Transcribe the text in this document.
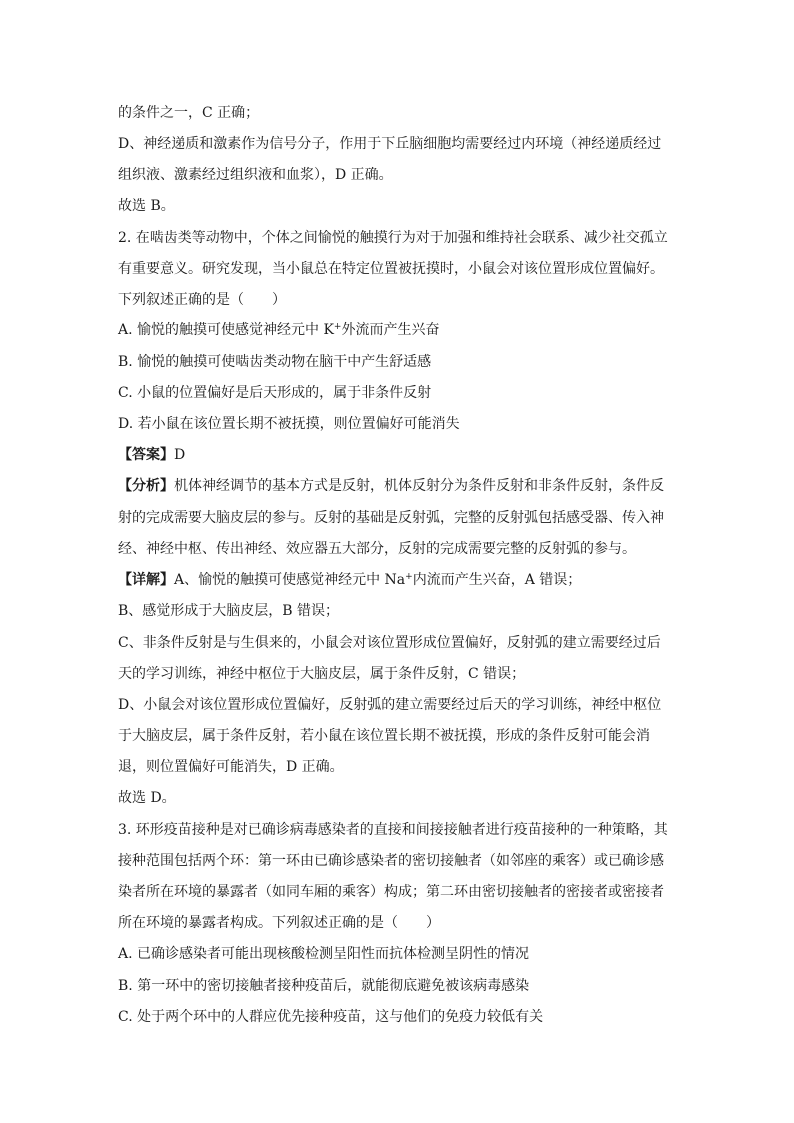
的条件之一，C 正确；
D、神经递质和激素作为信号分子，作用于下丘脑细胞均需要经过内环境（神经递质经过
组织液、激素经过组织液和血浆），D 正确。
故选 B。
2. 在啮齿类等动物中，个体之间愉悦的触摸行为对于加强和维持社会联系、减少社交孤立
有重要意义。研究发现，当小鼠总在特定位置被抚摸时，小鼠会对该位置形成位置偏好。
下列叙述正确的是（　　）
A. 愉悦的触摸可使感觉神经元中 K+外流而产生兴奋
B. 愉悦的触摸可使啮齿类动物在脑干中产生舒适感
C. 小鼠的位置偏好是后天形成的，属于非条件反射
D. 若小鼠在该位置长期不被抚摸，则位置偏好可能消失
【答案】D
【分析】机体神经调节的基本方式是反射，机体反射分为条件反射和非条件反射，条件反
射的完成需要大脑皮层的参与。反射的基础是反射弧，完整的反射弧包括感受器、传入神
经、神经中枢、传出神经、效应器五大部分，反射的完成需要完整的反射弧的参与。
【详解】A、愉悦的触摸可使感觉神经元中 Na+内流而产生兴奋，A 错误；
B、感觉形成于大脑皮层，B 错误；
C、非条件反射是与生俱来的，小鼠会对该位置形成位置偏好，反射弧的建立需要经过后
天的学习训练，神经中枢位于大脑皮层，属于条件反射，C 错误；
D、小鼠会对该位置形成位置偏好，反射弧的建立需要经过后天的学习训练，神经中枢位
于大脑皮层，属于条件反射，若小鼠在该位置长期不被抚摸，形成的条件反射可能会消
退，则位置偏好可能消失，D 正确。
故选 D。
3. 环形疫苗接种是对已确诊病毒感染者的直接和间接接触者进行疫苗接种的一种策略，其
接种范围包括两个环：第一环由已确诊感染者的密切接触者（如邻座的乘客）或已确诊感
染者所在环境的暴露者（如同车厢的乘客）构成；第二环由密切接触者的密接者或密接者
所在环境的暴露者构成。下列叙述正确的是（　　）
A. 已确诊感染者可能出现核酸检测呈阳性而抗体检测呈阴性的情况
B. 第一环中的密切接触者接种疫苗后，就能彻底避免被该病毒感染
C. 处于两个环中的人群应优先接种疫苗，这与他们的免疫力较低有关
